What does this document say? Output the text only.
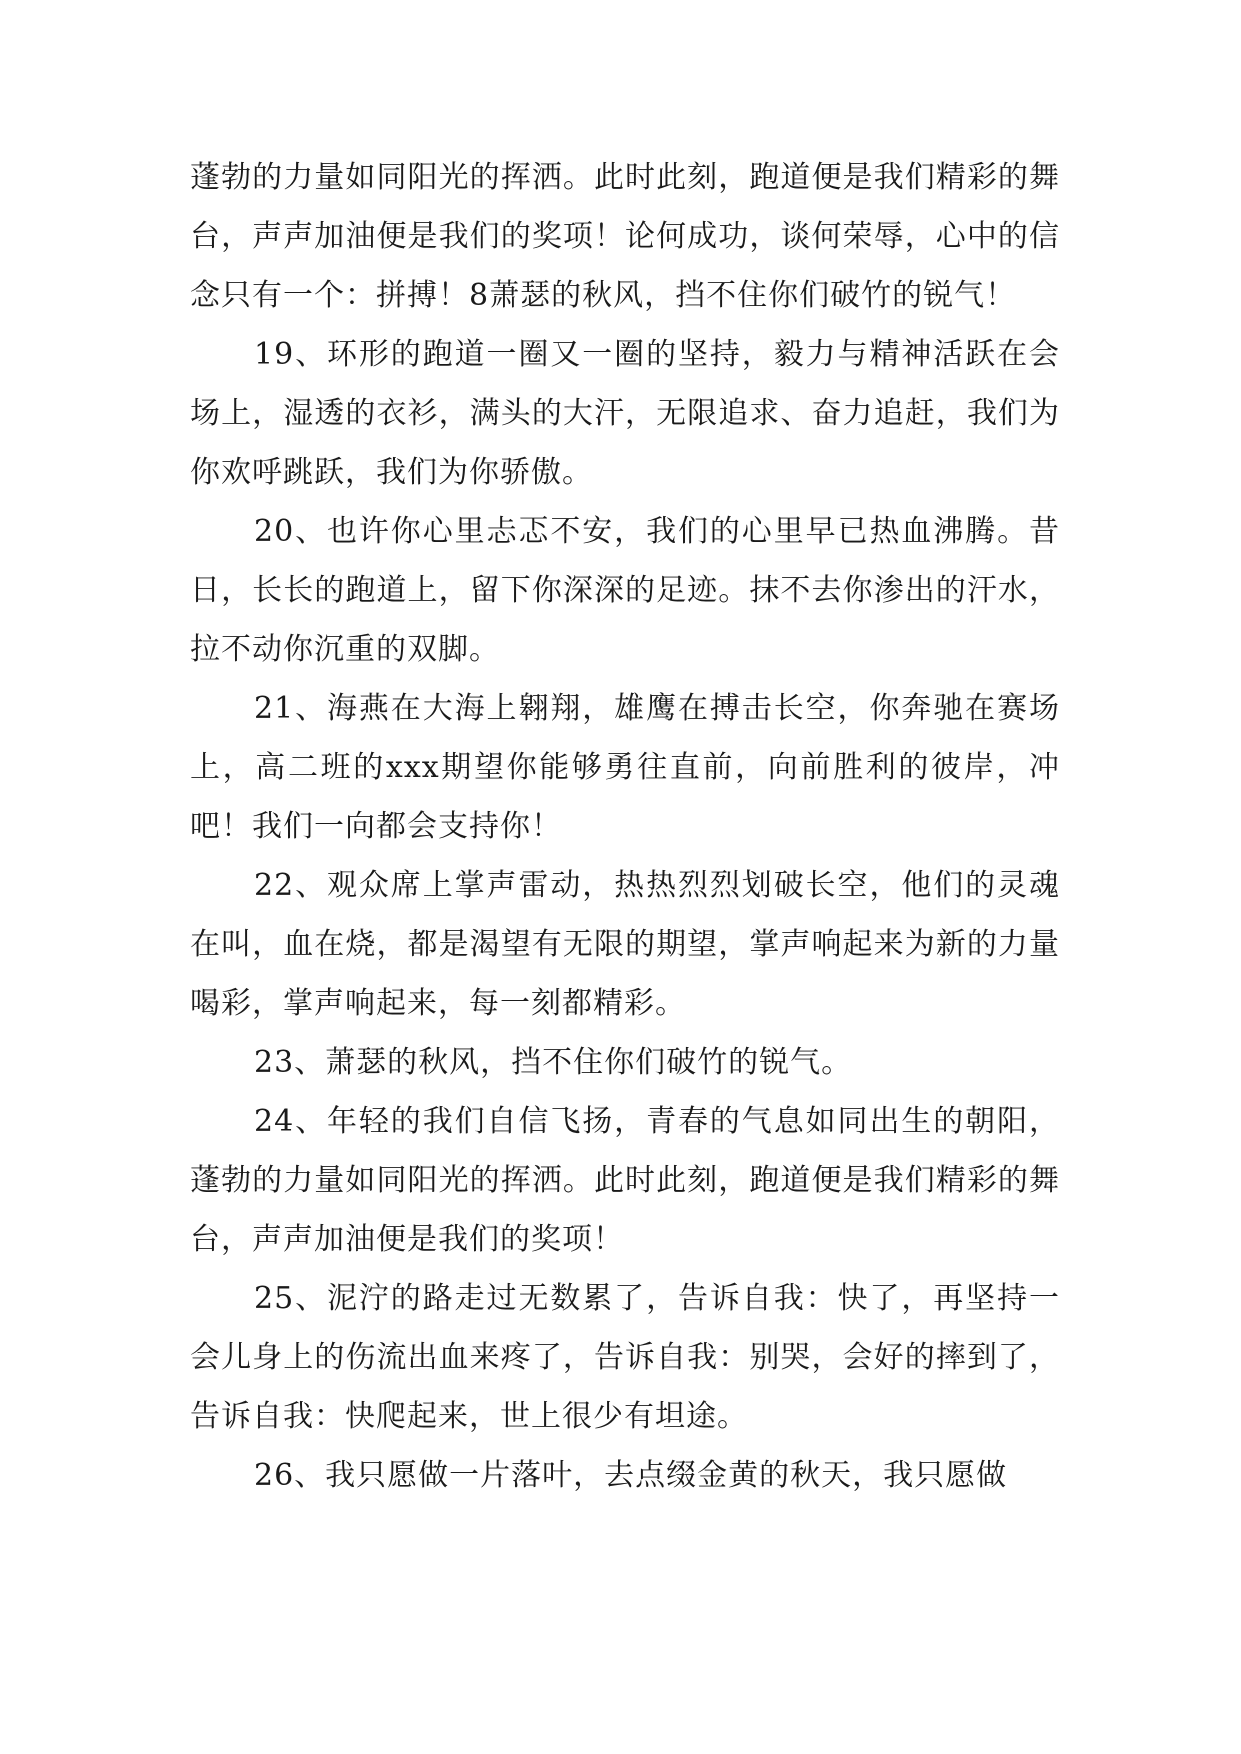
蓬勃的力量如同阳光的挥洒。此时此刻，跑道便是我们精彩的舞台，声声加油便是我们的奖项！论何成功，谈何荣辱，心中的信念只有一个：拼搏！8萧瑟的秋风，挡不住你们破竹的锐气！

19、环形的跑道一圈又一圈的坚持，毅力与精神活跃在会场上，湿透的衣衫，满头的大汗，无限追求、奋力追赶，我们为你欢呼跳跃，我们为你骄傲。

20、也许你心里忐忑不安，我们的心里早已热血沸腾。昔日，长长的跑道上，留下你深深的足迹。抹不去你渗出的汗水，拉不动你沉重的双脚。

21、海燕在大海上翱翔，雄鹰在搏击长空，你奔驰在赛场上，高二班的xxx期望你能够勇往直前，向前胜利的彼岸，冲吧！我们一向都会支持你！

22、观众席上掌声雷动，热热烈烈划破长空，他们的灵魂在叫，血在烧，都是渴望有无限的期望，掌声响起来为新的力量喝彩，掌声响起来，每一刻都精彩。

23、萧瑟的秋风，挡不住你们破竹的锐气。

24、年轻的我们自信飞扬，青春的气息如同出生的朝阳，蓬勃的力量如同阳光的挥洒。此时此刻，跑道便是我们精彩的舞台，声声加油便是我们的奖项！

25、泥泞的路走过无数累了，告诉自我：快了，再坚持一会儿身上的伤流出血来疼了，告诉自我：别哭，会好的摔到了，告诉自我：快爬起来，世上很少有坦途。

26、我只愿做一片落叶，去点缀金黄的秋天，我只愿做
